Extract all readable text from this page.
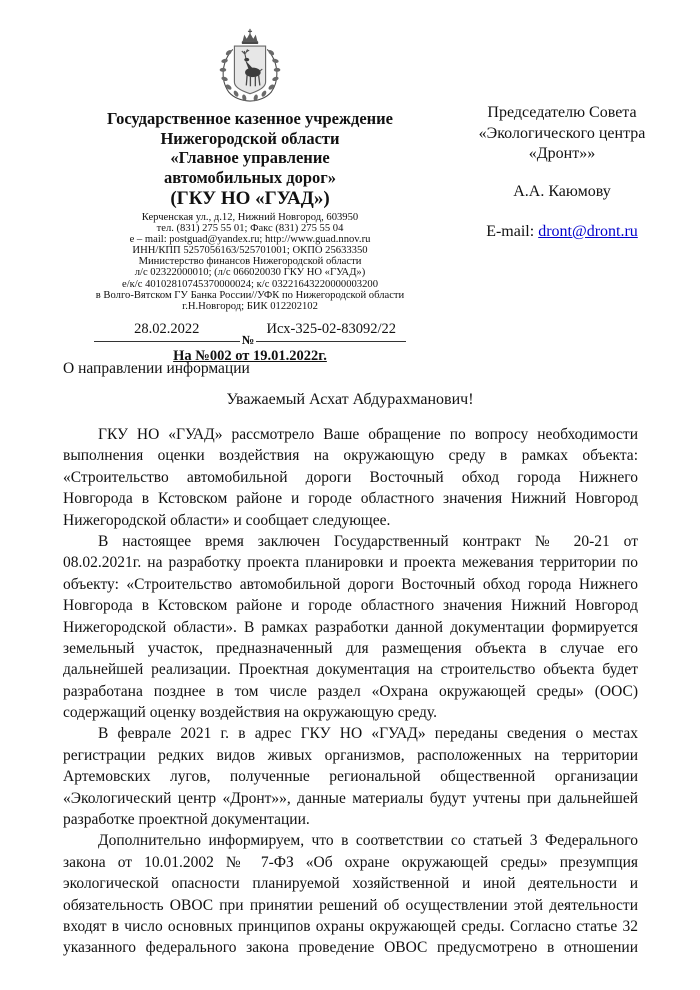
Государственное казенное учреждение
Нижегородской области
«Главное управление
автомобильных дорог»
(ГКУ НО «ГУАД»)
Керченская ул., д.12, Нижний Новгород, 603950
тел. (831) 275 55 01; Факс (831) 275 55 04
e – mail: postguad@yandex.ru; http://www.guad.nnov.ru
ИНН/КПП 5257056163/525701001; ОКПО 25633350
Министерство финансов Нижегородской области
л/с 02322000010; (л/с 066020030 ГКУ НО «ГУАД»)
е/к/с 40102810745370000024; к/с 03221643220000003200
в Волго-Вятском ГУ Банка России//УФК по Нижегородской области
г.Н.Новгород; БИК 012202102
28.02.2022
№
Исх-325-02-83092/22
На №002 от 19.01.2022г.
Председателю Совета
«Экологического центра
«Дронт»»
А.А. Каюмову
E-mail: dront@dront.ru
О направлении информации
Уважаемый Асхат Абдурахманович!
ГКУ НО «ГУАД» рассмотрело Ваше обращение по вопросу необходимости
выполнения оценки воздействия на окружающую среду в рамках объекта:
«Строительство автомобильной дороги Восточный обход города Нижнего
Новгорода в Кстовском районе и городе областного значения Нижний Новгород
Нижегородской области» и сообщает следующее.
В настоящее время заключен Государственный контракт № 20-21 от
08.02.2021г. на разработку проекта планировки и проекта межевания территории по
объекту: «Строительство автомобильной дороги Восточный обход города Нижнего
Новгорода в Кстовском районе и городе областного значения Нижний Новгород
Нижегородской области». В рамках разработки данной документации формируется
земельный участок, предназначенный для размещения объекта в случае его
дальнейшей реализации. Проектная документация на строительство объекта будет
разработана позднее в том числе раздел «Охрана окружающей среды» (ООС)
содержащий оценку воздействия на окружающую среду.
В феврале 2021 г. в адрес ГКУ НО «ГУАД» переданы сведения о местах
регистрации редких видов живых организмов, расположенных на территории
Артемовских лугов, полученные региональной общественной организации
«Экологический центр «Дронт»», данные материалы будут учтены при дальнейшей
разработке проектной документации.
Дополнительно информируем, что в соответствии со статьей 3 Федерального
закона от 10.01.2002 № 7-ФЗ «Об охране окружающей среды» презумпция
экологической опасности планируемой хозяйственной и иной деятельности и
обязательность ОВОС при принятии решений об осуществлении этой деятельности
входят в число основных принципов охраны окружающей среды. Согласно статье 32
указанного федерального закона проведение ОВОС предусмотрено в отношении
